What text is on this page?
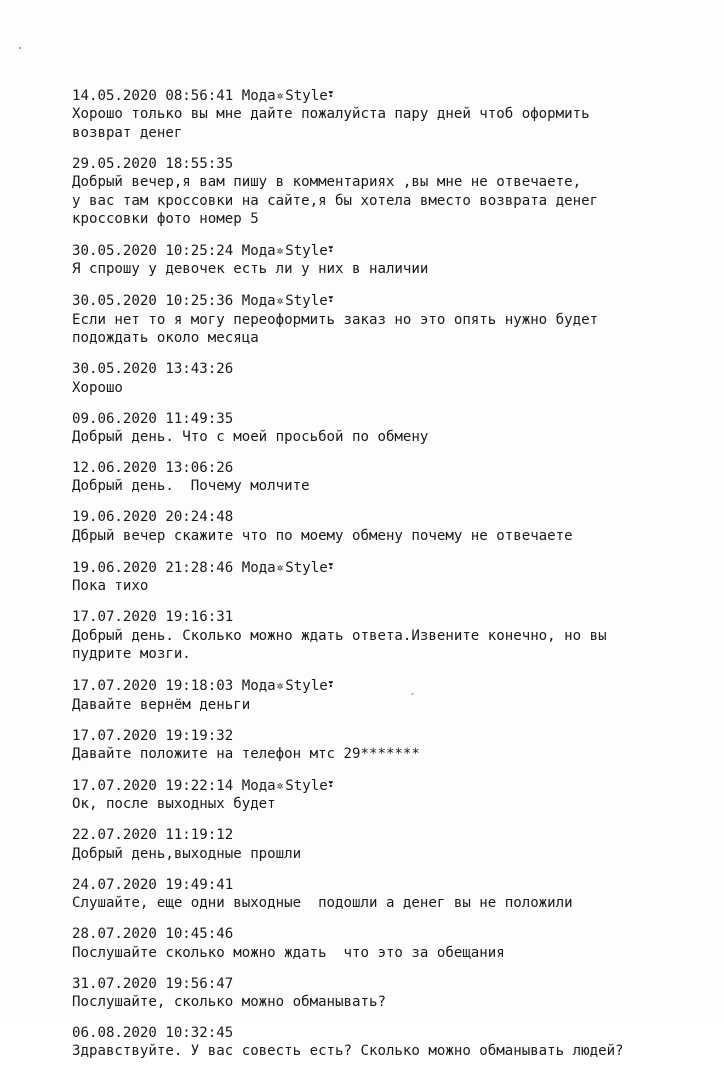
14.05.2020 08:56:41 Мода✲ Style❣
Хорошо только вы мне дайте пожалуйста пару дней чтоб оформить
возврат денег
29.05.2020 18:55:35
Добрый вечер,я вам пишу в комментариях ,вы мне не отвечаете,
у вас там кроссовки на сайте,я бы хотела вместо возврата денег
кроссовки фото номер 5
30.05.2020 10:25:24 Мода✲ Style❣
Я спрошу у девочек есть ли у них в наличии
30.05.2020 10:25:36 Мода✲ Style❣
Если нет то я могу переоформить заказ но это опять нужно будет
подождать около месяца
30.05.2020 13:43:26
Хорошо
09.06.2020 11:49:35
Добрый день. Что с моей просьбой по обмену
12.06.2020 13:06:26
Добрый день.  Почему молчите
19.06.2020 20:24:48
Дбрый вечер скажите что по моему обмену почему не отвечаете
19.06.2020 21:28:46 Мода✲ Style❣
Пока тихо
17.07.2020 19:16:31
Добрый день. Сколько можно ждать ответа.Извените конечно, но вы
пудрите мозги.
17.07.2020 19:18:03 Мода✲ Style❣
Давайте вернём деньги
17.07.2020 19:19:32
Давайте положите на телефон мтс 29*******
17.07.2020 19:22:14 Мода✲ Style❣
Ок, после выходных будет
22.07.2020 11:19:12
Добрый день,выходные прошли
24.07.2020 19:49:41
Слушайте, еще одни выходные  подошли а денег вы не положили
28.07.2020 10:45:46
Послушайте сколько можно ждать  что это за обещания
31.07.2020 19:56:47
Послушайте, сколько можно обманывать?
06.08.2020 10:32:45
Здравствуйте. У вас совесть есть? Сколько можно обманывать людей?
